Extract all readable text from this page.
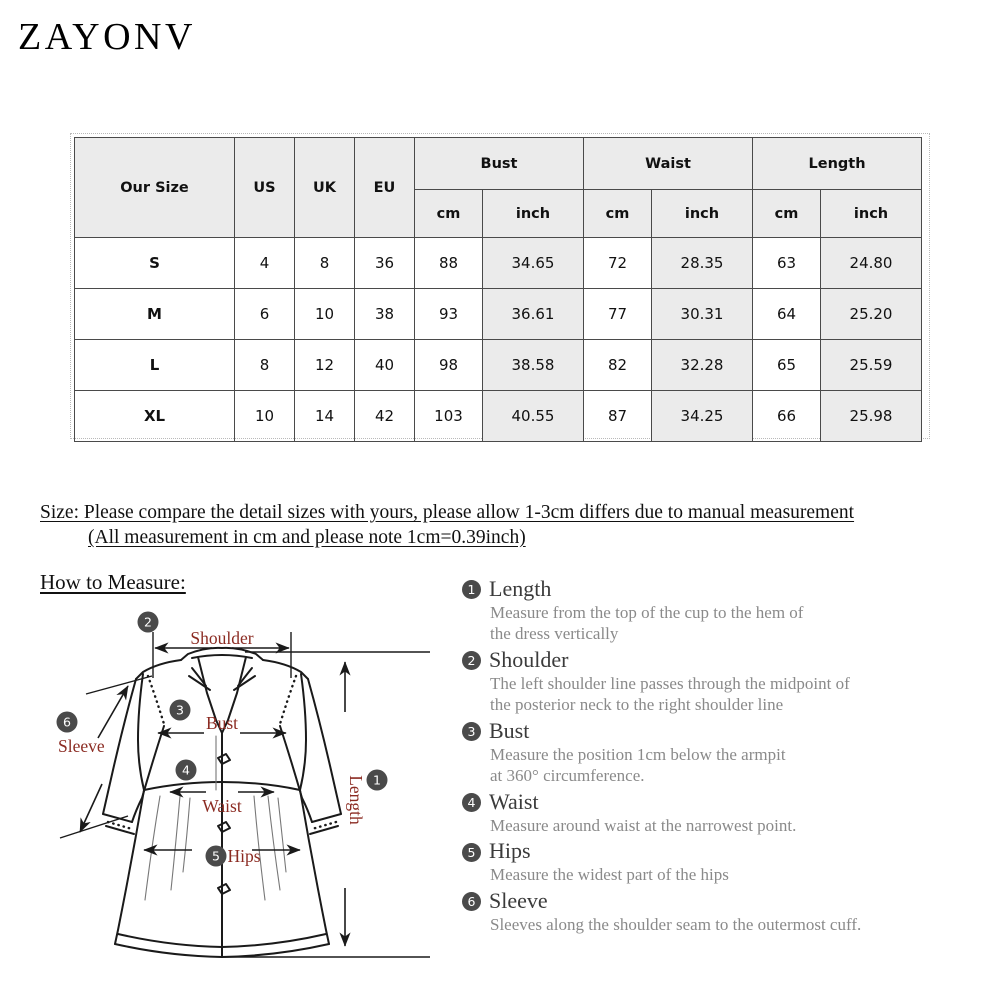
ZAYONV
Our Size	US	UK	EU	Bust		Waist		Length	
				cm	inch	cm	inch	cm	inch
S	4	8	36	88	34.65	72	28.35	63	24.80
M	6	10	38	93	36.61	77	30.31	64	25.20
L	8	12	40	98	38.58	82	32.28	65	25.59
XL	10	14	42	103	40.55	87	34.25	66	25.98
Size: Please compare the detail sizes with yours, please allow 1-3cm differs due to manual measurement
(All measurement in cm and please note 1cm=0.39inch)
How to Measure:
Shoulder
2
Bust
3
Waist
4
Hips
5
Sleeve
6
Length 1
1 Length

Measure from the top of the cup to the hem of
the dress vertically

2 Shoulder

The left shoulder line passes through the midpoint of
the posterior neck to the right shoulder line

3 Bust

Measure the position 1cm below the armpit
at 360° circumference.

4 Waist

Measure around waist at the narrowest point.

5 Hips

Measure the widest part of the hips

6 Sleeve

Sleeves along the shoulder seam to the outermost cuff.
